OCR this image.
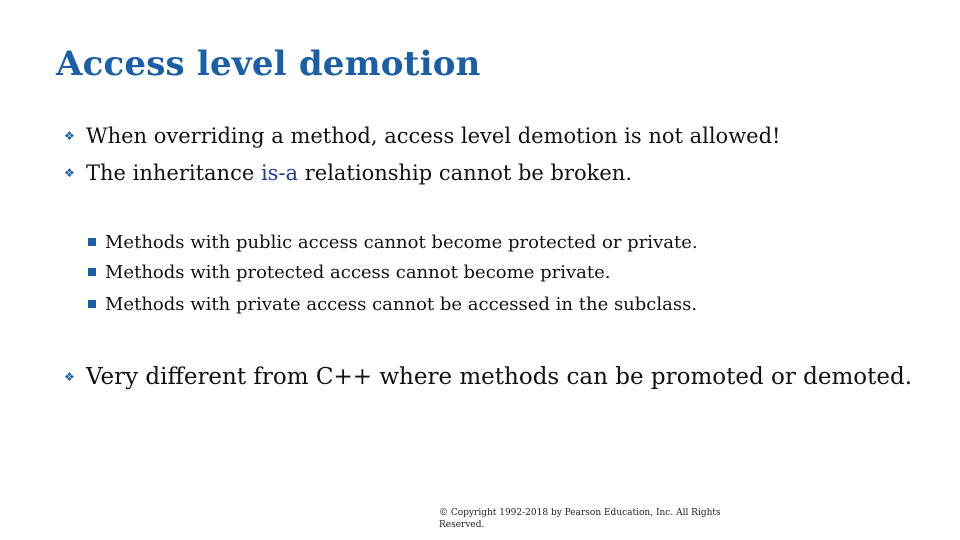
Access level demotion
❖ When overriding a method, access level demotion is not allowed!
❖ The inheritance is-a relationship cannot be broken.
Methods with public access cannot become protected or private.
Methods with protected access cannot become private.
Methods with private access cannot be accessed in the subclass.
❖ Very different from C++ where methods can be promoted or demoted.
© Copyright 1992-2018 by Pearson Education, Inc. All Rights Reserved.
